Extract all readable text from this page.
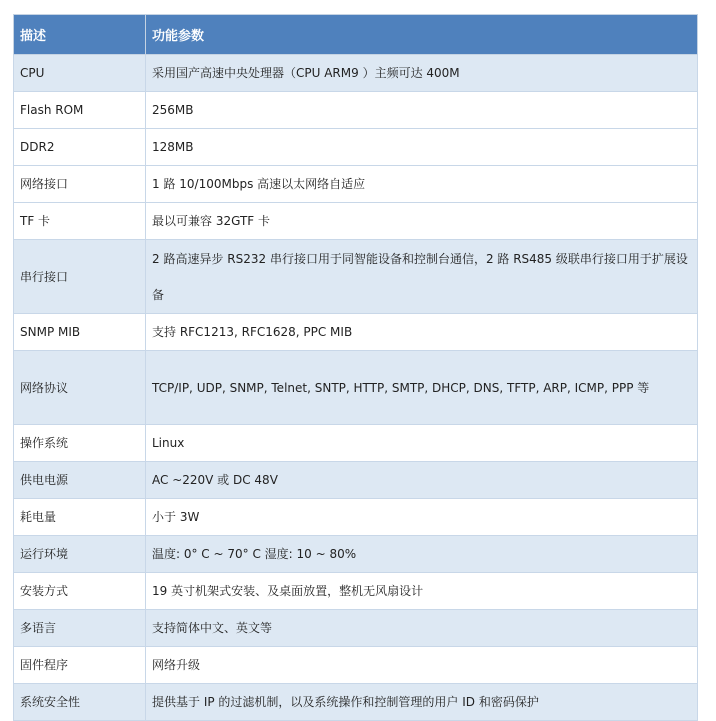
描述	功能参数
CPU	采用国产高速中央处理器（CPU ARM9 ）主频可达 400M
Flash ROM	256MB
DDR2	128MB
网络接口	1 路 10/100Mbps 高速以太网络自适应
TF 卡	最以可兼容 32GTF 卡
串行接口	2 路高速异步 RS232 串行接口用于同智能设备和控制台通信，2 路 RS485 级联串行接口用于扩展设备
SNMP MIB	支持 RFC1213, RFC1628, PPC MIB
网络协议	TCP/IP, UDP, SNMP, Telnet, SNTP, HTTP, SMTP, DHCP, DNS, TFTP, ARP, ICMP, PPP 等
操作系统	Linux
供电电源	AC ~220V 或 DC 48V
耗电量	小于 3W
运行环境	温度: 0° C ~ 70° C 湿度: 10 ~ 80%
安装方式	19 英寸机架式安装、及桌面放置，整机无风扇设计
多语言	支持简体中文、英文等
固件程序	网络升级
系统安全性	提供基于 IP 的过滤机制，以及系统操作和控制管理的用户 ID 和密码保护
